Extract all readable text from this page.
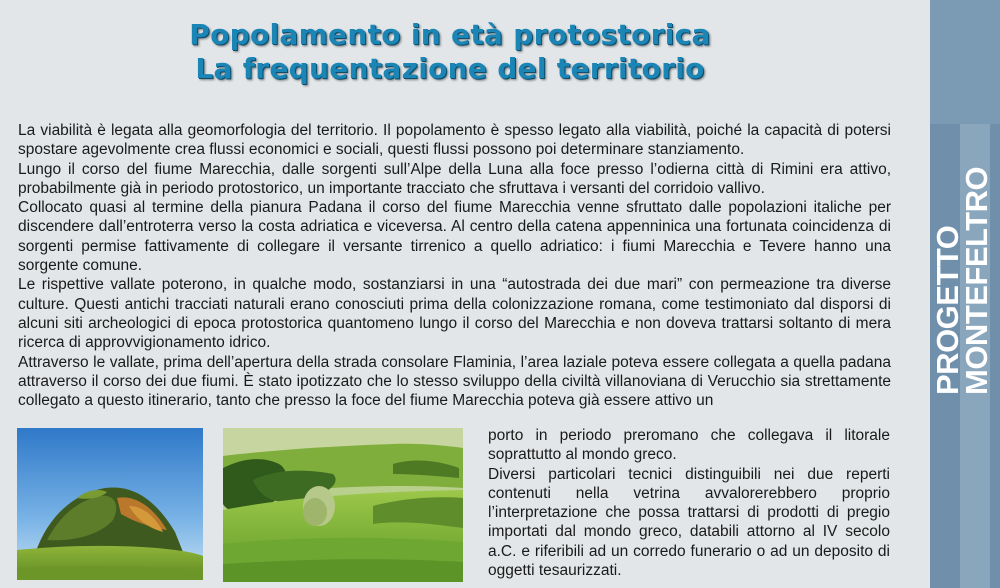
Popolamento in età protostorica
La frequentazione del territorio

La viabilità è legata alla geomorfologia del territorio. Il popolamento è spesso legato alla viabilità, poiché la capacità di potersi spostare agevolmente crea flussi economici e sociali, questi flussi possono poi determinare stanziamento.

Lungo il corso del fiume Marecchia, dalle sorgenti sull’Alpe della Luna alla foce presso l’odierna città di Rimini era attivo, probabilmente già in periodo protostorico, un importante tracciato che sfruttava i versanti del corridoio vallivo.

Collocato quasi al termine della pianura Padana il corso del fiume Marecchia venne sfruttato dalle popolazioni italiche per discendere dall’entroterra verso la costa adriatica e viceversa. Al centro della catena appenninica una fortunata coincidenza di sorgenti permise fattivamente di collegare il versante tirrenico a quello adriatico: i fiumi Marecchia e Tevere hanno una sorgente comune.

Le rispettive vallate poterono, in qualche modo, sostanziarsi in una “autostrada dei due mari” con permeazione tra diverse culture. Questi antichi tracciati naturali erano conosciuti prima della colonizzazione romana, come testimoniato dal disporsi di alcuni siti archeologici di epoca protostorica quantomeno lungo il corso del Marecchia e non doveva trattarsi soltanto di mera ricerca di approvvigionamento idrico.

Attraverso le vallate, prima dell’apertura della strada consolare Flaminia, l’area laziale poteva essere collegata a quella padana attraverso il corso dei due fiumi. È stato ipotizzato che lo stesso sviluppo della civiltà villanoviana di Verucchio sia strettamente collegato a questo itinerario, tanto che presso la foce del fiume Marecchia poteva già essere attivo un

porto in periodo preromano che collegava il litorale soprattutto al mondo greco.

Diversi particolari tecnici distinguibili nei due reperti contenuti nella vetrina avvalorerebbero proprio l’interpretazione che possa trattarsi di prodotti di pregio importati dal mondo greco, databili attorno al IV secolo a.C. e riferibili ad un corredo funerario o ad un deposito di oggetti tesaurizzati.

PROGETTO
MONTEFELTRO
